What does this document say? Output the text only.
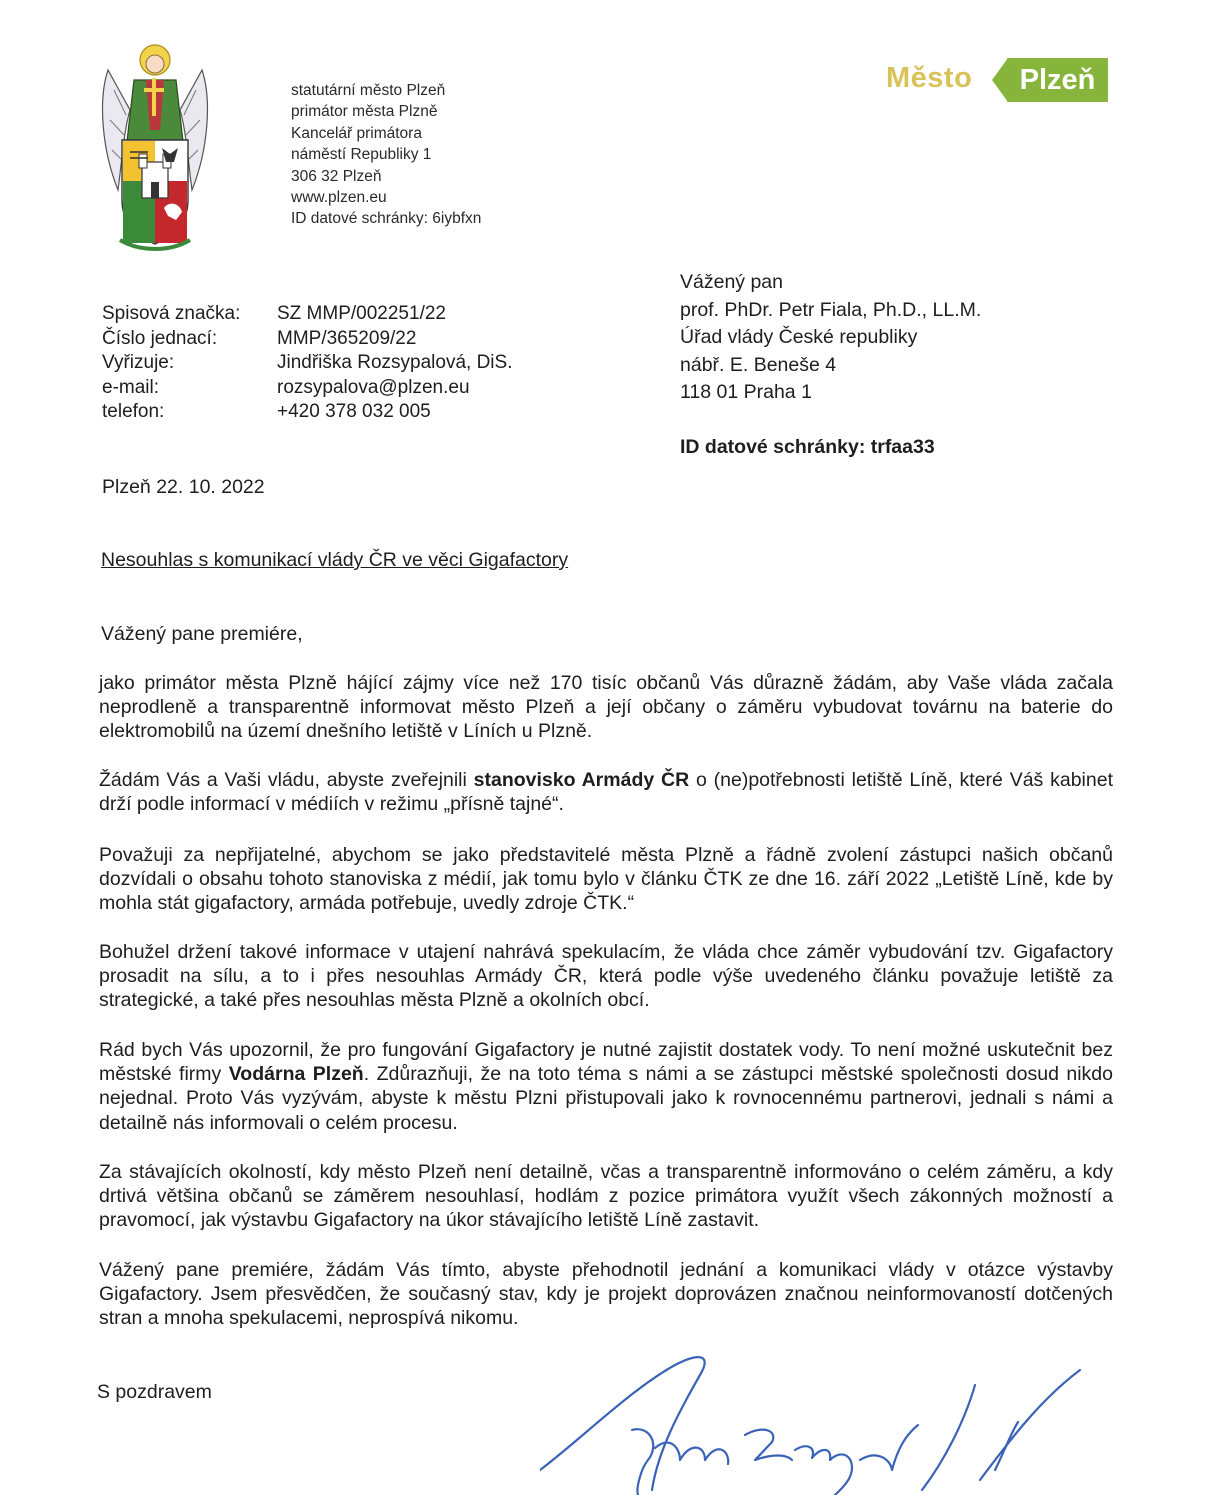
statutární město Plzeň
primátor města Plzně
Kancelář primátora
náměstí Republiky 1
306 32 Plzeň
www.plzen.eu
ID datové schránky: 6iybfxn
Město	Plzeň
Spisová značka:	SZ MMP/002251/22
Číslo jednací:	MMP/365209/22
Vyřizuje:	Jindřiška Rozsypalová, DiS.
e-mail:	rozsypalova@plzen.eu
telefon:	+420 378 032 005
Vážený pan
prof. PhDr. Petr Fiala, Ph.D., LL.M.
Úřad vlády České republiky
nábř. E. Beneše 4
118 01 Praha 1
ID datové schránky: trfaa33
Plzeň 22. 10. 2022
Nesouhlas s komunikací vlády ČR ve věci Gigafactory
Vážený pane premiére,
jako primátor města Plzně hájící zájmy více než 170 tisíc občanů Vás důrazně žádám, aby Vaše vláda začala neprodleně a transparentně informovat město Plzeň a její občany o záměru vybudovat továrnu na baterie do elektromobilů na území dnešního letiště v Líních u Plzně.
Žádám Vás a Vaši vládu, abyste zveřejnili stanovisko Armády ČR o (ne)potřebnosti letiště Líně, které Váš kabinet drží podle informací v médiích v režimu „přísně tajné“.
Považuji za nepřijatelné, abychom se jako představitelé města Plzně a řádně zvolení zástupci našich občanů dozvídali o obsahu tohoto stanoviska z médií, jak tomu bylo v článku ČTK ze dne 16. září 2022 „Letiště Líně, kde by mohla stát gigafactory, armáda potřebuje, uvedly zdroje ČTK.“
Bohužel držení takové informace v utajení nahrává spekulacím, že vláda chce záměr vybudování tzv. Gigafactory prosadit na sílu, a to i přes nesouhlas Armády ČR, která podle výše uvedeného článku považuje letiště za strategické, a také přes nesouhlas města Plzně a okolních obcí.
Rád bych Vás upozornil, že pro fungování Gigafactory je nutné zajistit dostatek vody. To není možné uskutečnit bez městské firmy Vodárna Plzeň. Zdůrazňuji, že na toto téma s námi a se zástupci městské společnosti dosud nikdo nejednal. Proto Vás vyzývám, abyste k městu Plzni přistupovali jako k rovnocennému partnerovi, jednali s námi a detailně nás informovali o celém procesu.
Za stávajících okolností, kdy město Plzeň není detailně, včas a transparentně informováno o celém záměru, a kdy drtivá většina občanů se záměrem nesouhlasí, hodlám z pozice primátora využít všech zákonných možností a pravomocí, jak výstavbu Gigafactory na úkor stávajícího letiště Líně zastavit.
Vážený pane premiére, žádám Vás tímto, abyste přehodnotil jednání a komunikaci vlády v otázce výstavby Gigafactory. Jsem přesvědčen, že současný stav, kdy je projekt doprovázen značnou neinformovaností dotčených stran a mnoha spekulacemi, neprospívá nikomu.
S pozdravem
